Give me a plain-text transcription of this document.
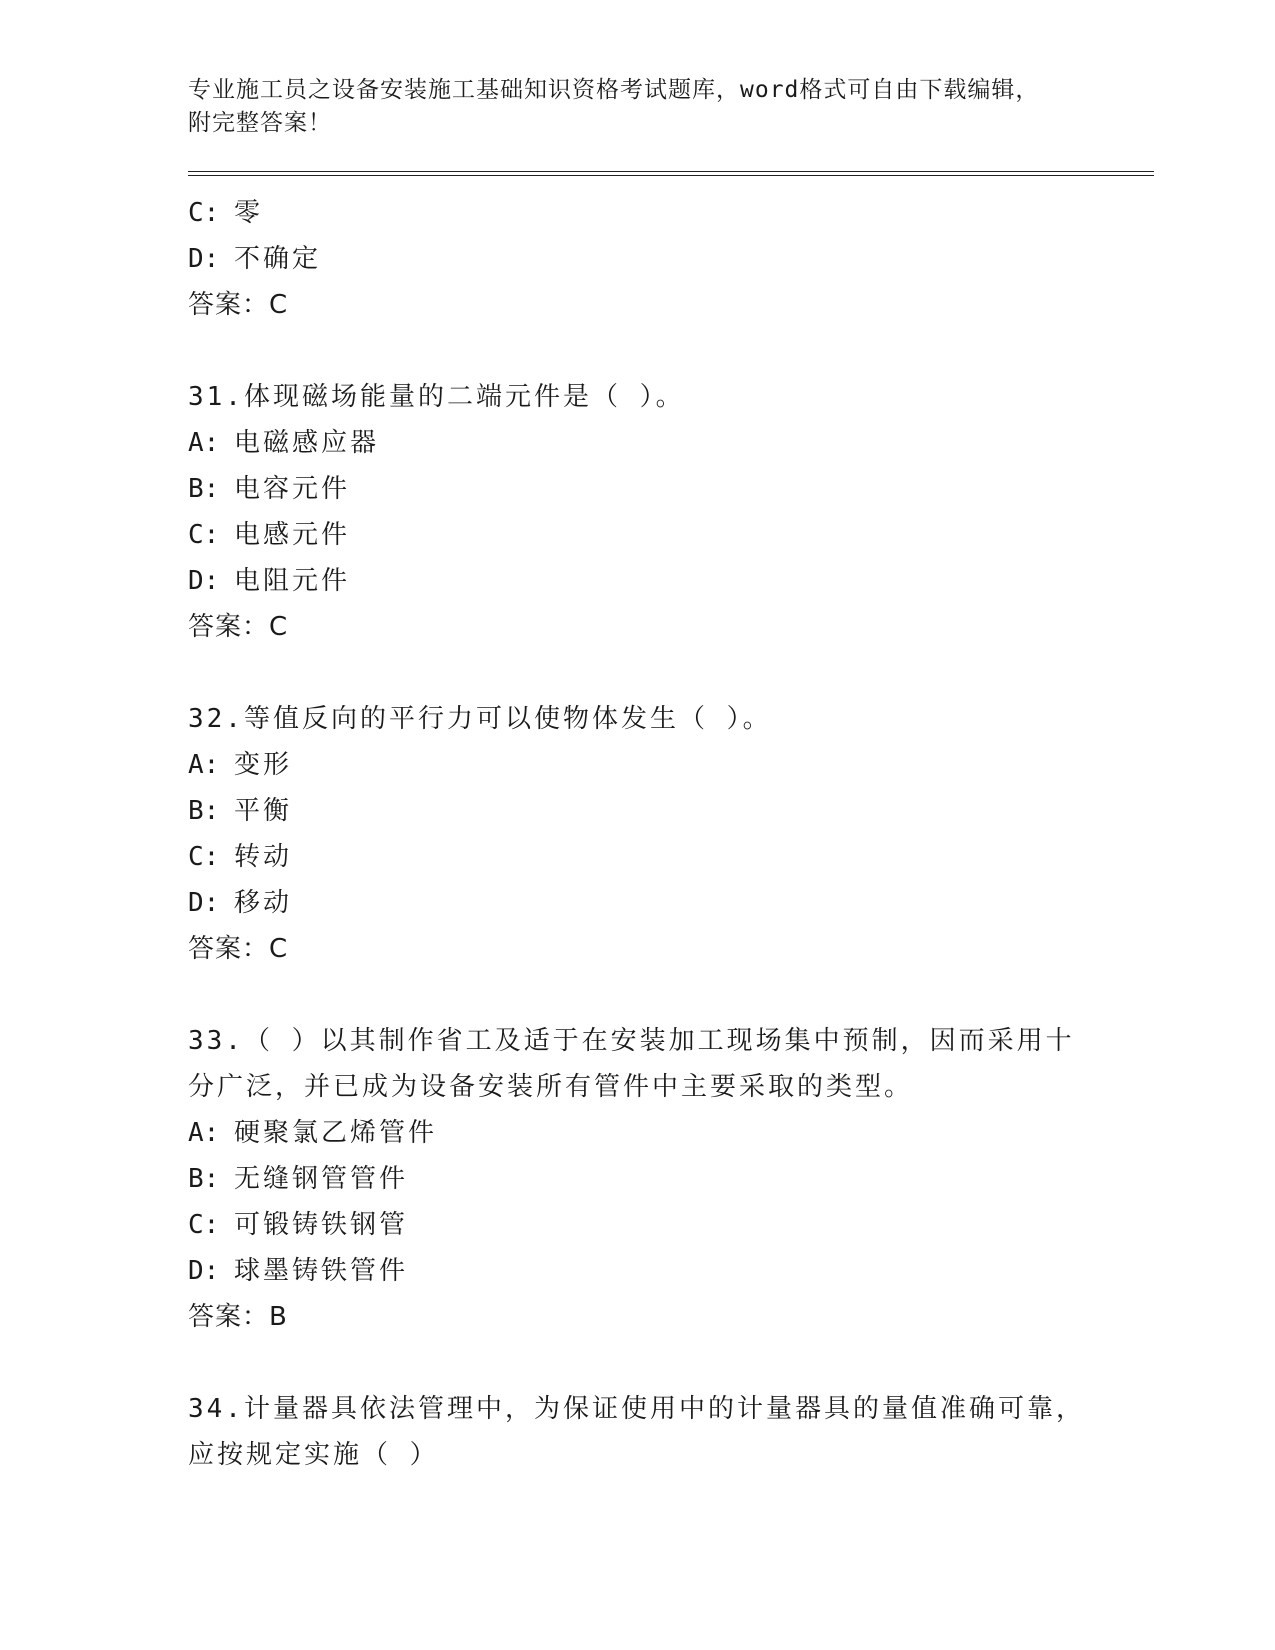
专业施工员之设备安装施工基础知识资格考试题库，word格式可自由下载编辑，
附完整答案！
C: 零
D: 不确定
答案：C
31.体现磁场能量的二端元件是（ ）。
A: 电磁感应器
B: 电容元件
C: 电感元件
D: 电阻元件
答案：C
32.等值反向的平行力可以使物体发生（ ）。
A: 变形
B: 平衡
C: 转动
D: 移动
答案：C
33.（ ）以其制作省工及适于在安装加工现场集中预制，因而采用十
分广泛，并已成为设备安装所有管件中主要采取的类型。
A: 硬聚氯乙烯管件
B: 无缝钢管管件
C: 可锻铸铁钢管
D: 球墨铸铁管件
答案：B
34.计量器具依法管理中，为保证使用中的计量器具的量值准确可靠，
应按规定实施（ ）
